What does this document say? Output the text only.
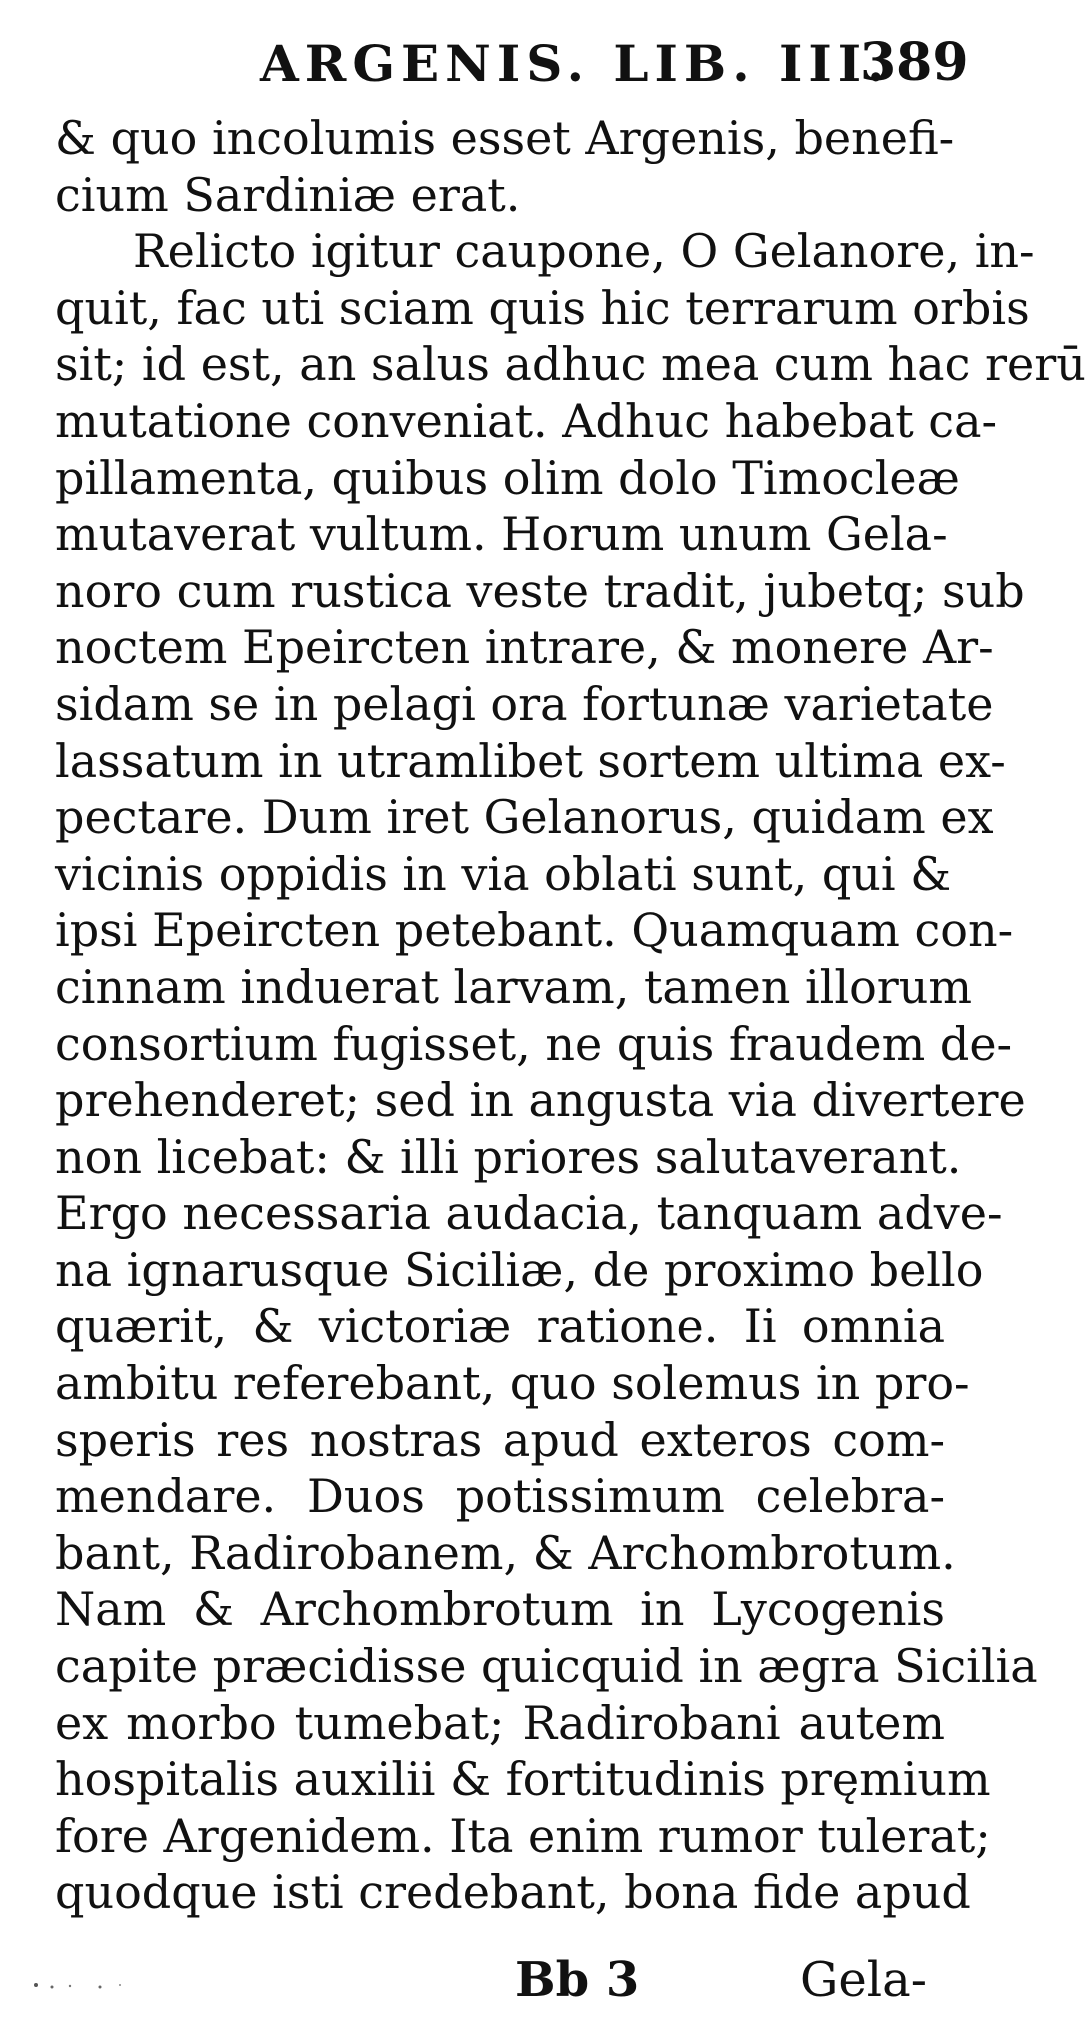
ARGENIS. LIB. III.
389
& quo incolumis esset Argenis, benefi-
cium Sardiniæ erat.
Relicto igitur caupone, O Gelanore, in-
quit, fac uti sciam quis hic terrarum orbis
sit; id est, an salus adhuc mea cum hac rerū
mutatione conveniat. Adhuc habebat ca-
pillamenta, quibus olim dolo Timocleæ
mutaverat vultum. Horum unum Gela-
noro cum rustica veste tradit, jubetq; sub
noctem Epeircten intrare, & monere Ar-
sidam se in pelagi ora fortunæ varietate
lassatum in utramlibet sortem ultima ex-
pectare. Dum iret Gelanorus, quidam ex
vicinis oppidis in via oblati sunt, qui &
ipsi Epeircten petebant. Quamquam con-
cinnam induerat larvam, tamen illorum
consortium fugisset, ne quis fraudem de-
prehenderet; sed in angusta via divertere
non licebat: & illi priores salutaverant.
Ergo necessaria audacia, tanquam adve-
na ignarusque Siciliæ, de proximo bello
quærit, & victoriæ ratione. Ii omnia
ambitu referebant, quo solemus in pro-
speris res nostras apud exteros com-
mendare. Duos potissimum celebra-
bant, Radirobanem, & Archombrotum.
Nam & Archombrotum in Lycogenis
capite præcidisse quicquid in ægra Sicilia
ex morbo tumebat; Radirobani autem
hospitalis auxilii & fortitudinis pręmium
fore Argenidem. Ita enim rumor tulerat;
quodque isti credebant, bona fide apud
Bb 3	Gela-
